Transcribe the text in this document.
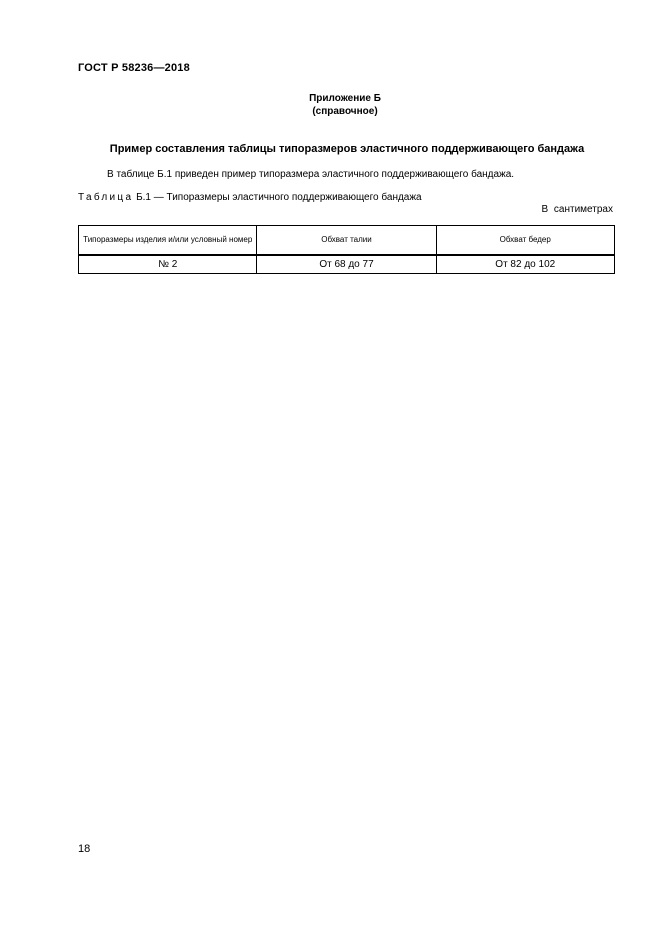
ГОСТ Р 58236—2018
Приложение Б
(справочное)
Пример составления таблицы типоразмеров эластичного поддерживающего бандажа
В таблице Б.1 приведен пример типоразмера эластичного поддерживающего бандажа.
Таблица Б.1 — Типоразмеры эластичного поддерживающего бандажа
В сантиметрах
Типоразмеры изделия и/или условный номер	Обхват талии	Обхват бедер
№ 2	От 68 до 77	От 82 до 102
18
